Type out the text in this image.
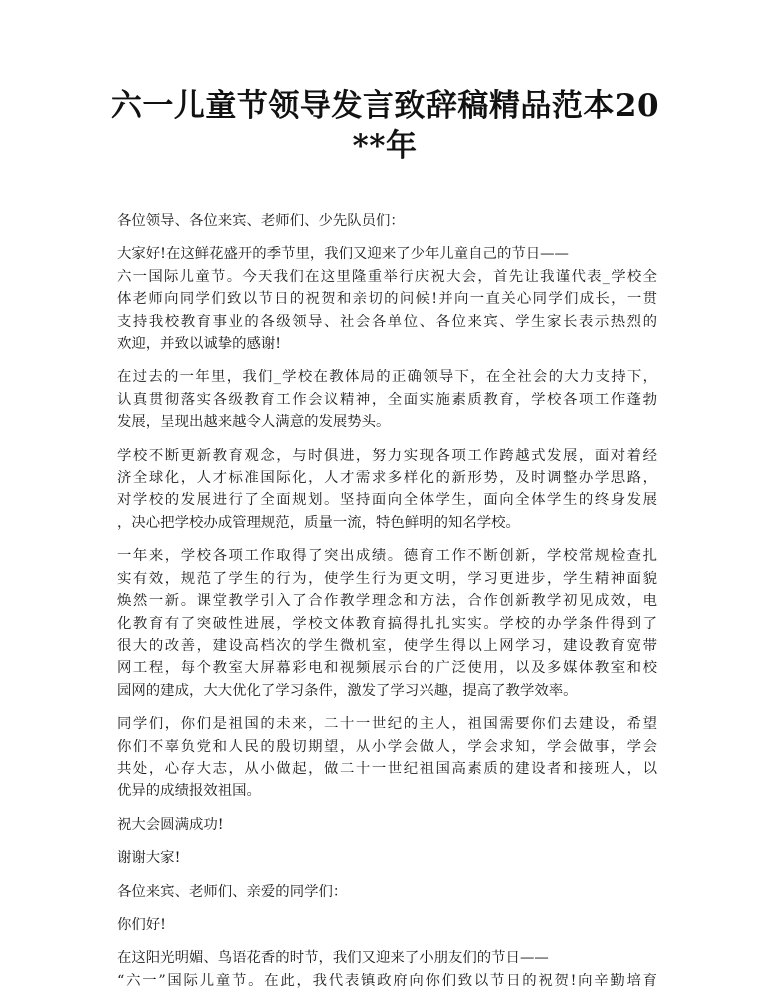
六一儿童节领导发言致辞稿精品范本20
**年

各位领导、各位来宾、老师们、少先队员们：

大家好!在这鲜花盛开的季节里，我们又迎来了少年儿童自己的节日——
六一国际儿童节。今天我们在这里隆重举行庆祝大会，首先让我谨代表_学校全
体老师向同学们致以节日的祝贺和亲切的问候!并向一直关心同学们成长，一贯
支持我校教育事业的各级领导、社会各单位、各位来宾、学生家长表示热烈的
欢迎，并致以诚挚的感谢!

在过去的一年里，我们_学校在教体局的正确领导下，在全社会的大力支持下，
认真贯彻落实各级教育工作会议精神，全面实施素质教育，学校各项工作蓬勃
发展，呈现出越来越令人满意的发展势头。

学校不断更新教育观念，与时俱进，努力实现各项工作跨越式发展，面对着经
济全球化，人才标准国际化，人才需求多样化的新形势，及时调整办学思路，
对学校的发展进行了全面规划。坚持面向全体学生，面向全体学生的终身发展
，决心把学校办成管理规范，质量一流，特色鲜明的知名学校。

一年来，学校各项工作取得了突出成绩。德育工作不断创新，学校常规检查扎
实有效，规范了学生的行为，使学生行为更文明，学习更进步，学生精神面貌
焕然一新。课堂教学引入了合作教学理念和方法，合作创新教学初见成效，电
化教育有了突破性进展，学校文体教育搞得扎扎实实。学校的办学条件得到了
很大的改善，建设高档次的学生微机室，使学生得以上网学习，建设教育宽带
网工程，每个教室大屏幕彩电和视频展示台的广泛使用，以及多媒体教室和校
园网的建成，大大优化了学习条件，激发了学习兴趣，提高了教学效率。

同学们，你们是祖国的未来，二十一世纪的主人，祖国需要你们去建设，希望
你们不辜负党和人民的殷切期望，从小学会做人，学会求知，学会做事，学会
共处，心存大志，从小做起，做二十一世纪祖国高素质的建设者和接班人，以
优异的成绩报效祖国。

祝大会圆满成功!

谢谢大家!

各位来宾、老师们、亲爱的同学们：

你们好!

在这阳光明媚、鸟语花香的时节，我们又迎来了小朋友们的节日——
“六一”国际儿童节。在此，我代表镇政府向你们致以节日的祝贺!向辛勤培育
